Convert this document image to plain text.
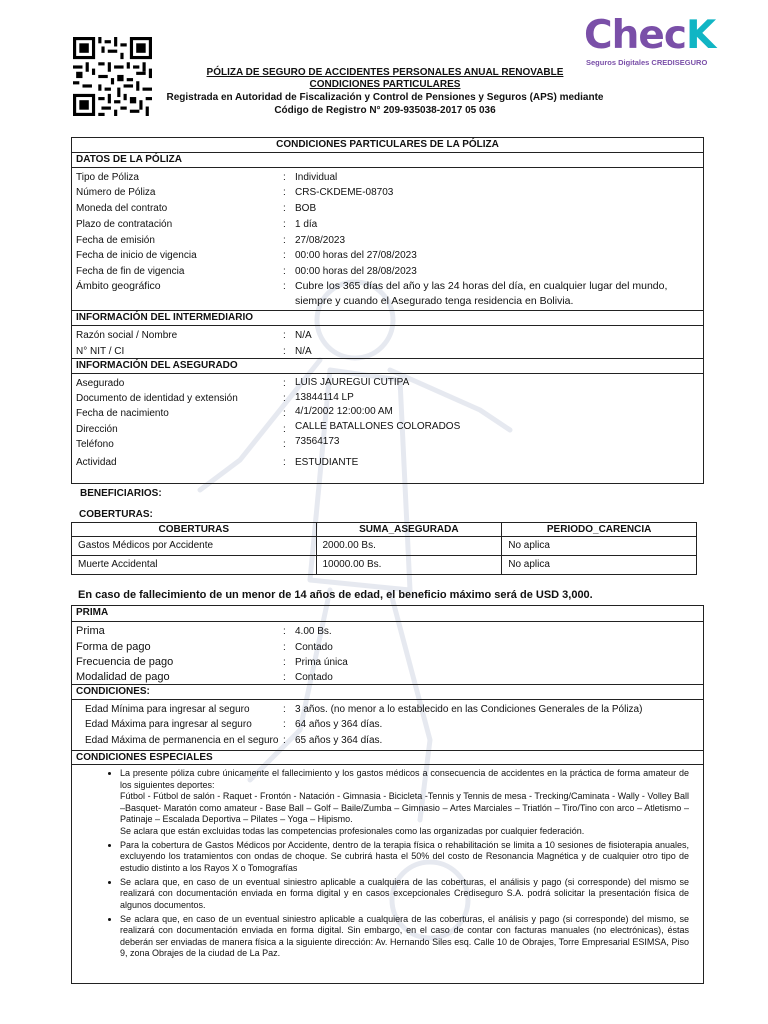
ChecK
Seguros Digitales CREDISEGURO
PÓLIZA DE SEGURO DE ACCIDENTES PERSONALES ANUAL RENOVABLE
CONDICIONES PARTICULARES
Registrada en Autoridad de Fiscalización y Control de Pensiones y Seguros (APS) mediante
Código de Registro N° 209-935038-2017 05 036
CONDICIONES PARTICULARES DE LA PÓLIZA
DATOS DE LA PÓLIZA
Tipo de Póliza	: Individual
Número de Póliza	: CRS-CKDEME-08703
Moneda del contrato	: BOB
Plazo de contratación	: 1 día
Fecha de emisión	: 27/08/2023
Fecha de inicio de vigencia	: 00:00 horas del 27/08/2023
Fecha de fin de vigencia	: 00:00 horas del 28/08/2023
Ámbito geográfico	: Cubre los 365 días del año y las 24 horas del día, en cualquier lugar del mundo, siempre y cuando el Asegurado tenga residencia en Bolivia.
INFORMACIÓN DEL INTERMEDIARIO
Razón social / Nombre	: N/A
N° NIT / CI	: N/A
INFORMACIÓN DEL ASEGURADO
Asegurado	: LUIS JAUREGUI CUTIPA
Documento de identidad y extensión	: 13844114 LP
Fecha de nacimiento	: 4/1/2002 12:00:00 AM
Dirección	: CALLE BATALLONES COLORADOS
Teléfono	: 73564173
Actividad	: ESTUDIANTE
BENEFICIARIOS:
COBERTURAS:
COBERTURAS	SUMA_ASEGURADA	PERIODO_CARENCIA
Gastos Médicos por Accidente	2000.00 Bs.	No aplica
Muerte Accidental	10000.00 Bs.	No aplica
En caso de fallecimiento de un menor de 14 años de edad, el beneficio máximo será de USD 3,000.
PRIMA
Prima	: 4.00 Bs.
Forma de pago	: Contado
Frecuencia de pago	: Prima única
Modalidad de pago	: Contado
CONDICIONES:
Edad Mínima para ingresar al seguro	: 3 años. (no menor a lo establecido en las Condiciones Generales de la Póliza)
Edad Máxima para ingresar al seguro	: 64 años y 364 días.
Edad Máxima de permanencia en el seguro : 65 años y 364 días.
CONDICIONES ESPECIALES
• La presente póliza cubre únicamente el fallecimiento y los gastos médicos a consecuencia de accidentes en la práctica de forma amateur de los siguientes deportes:
Fútbol - Fútbol de salón - Raquet - Frontón - Natación - Gimnasia - Bicicleta -Tennis y Tennis de mesa - Trecking/Caminata - Wally - Volley Ball –Basquet- Maratón como amateur - Base Ball – Golf – Baile/Zumba – Gimnasio – Artes Marciales – Triatlón – Tiro/Tino con arco – Atletismo – Patinaje – Escalada Deportiva – Pilates – Yoga – Hipismo.
Se aclara que están excluidas todas las competencias profesionales como las organizadas por cualquier federación.
• Para la cobertura de Gastos Médicos por Accidente, dentro de la terapia física o rehabilitación se limita a 10 sesiones de fisioterapia anuales, excluyendo los tratamientos con ondas de choque. Se cubrirá hasta el 50% del costo de Resonancia Magnética y de cualquier otro tipo de estudio distinto a los Rayos X o Tomografías
• Se aclara que, en caso de un eventual siniestro aplicable a cualquiera de las coberturas, el análisis y pago (si corresponde) del mismo se realizará con documentación enviada en forma digital y en casos excepcionales Crediseguro S.A. podrá solicitar la presentación física de algunos documentos.
• Se aclara que, en caso de un eventual siniestro aplicable a cualquiera de las coberturas, el análisis y pago (si corresponde) del mismo, se realizará con documentación enviada en forma digital. Sin embargo, en el caso de contar con facturas manuales (no electrónicas), éstas deberán ser enviadas de manera física a la siguiente dirección: Av. Hernando Siles esq. Calle 10 de Obrajes, Torre Empresarial ESIMSA, Piso 9, zona Obrajes de la ciudad de La Paz.
